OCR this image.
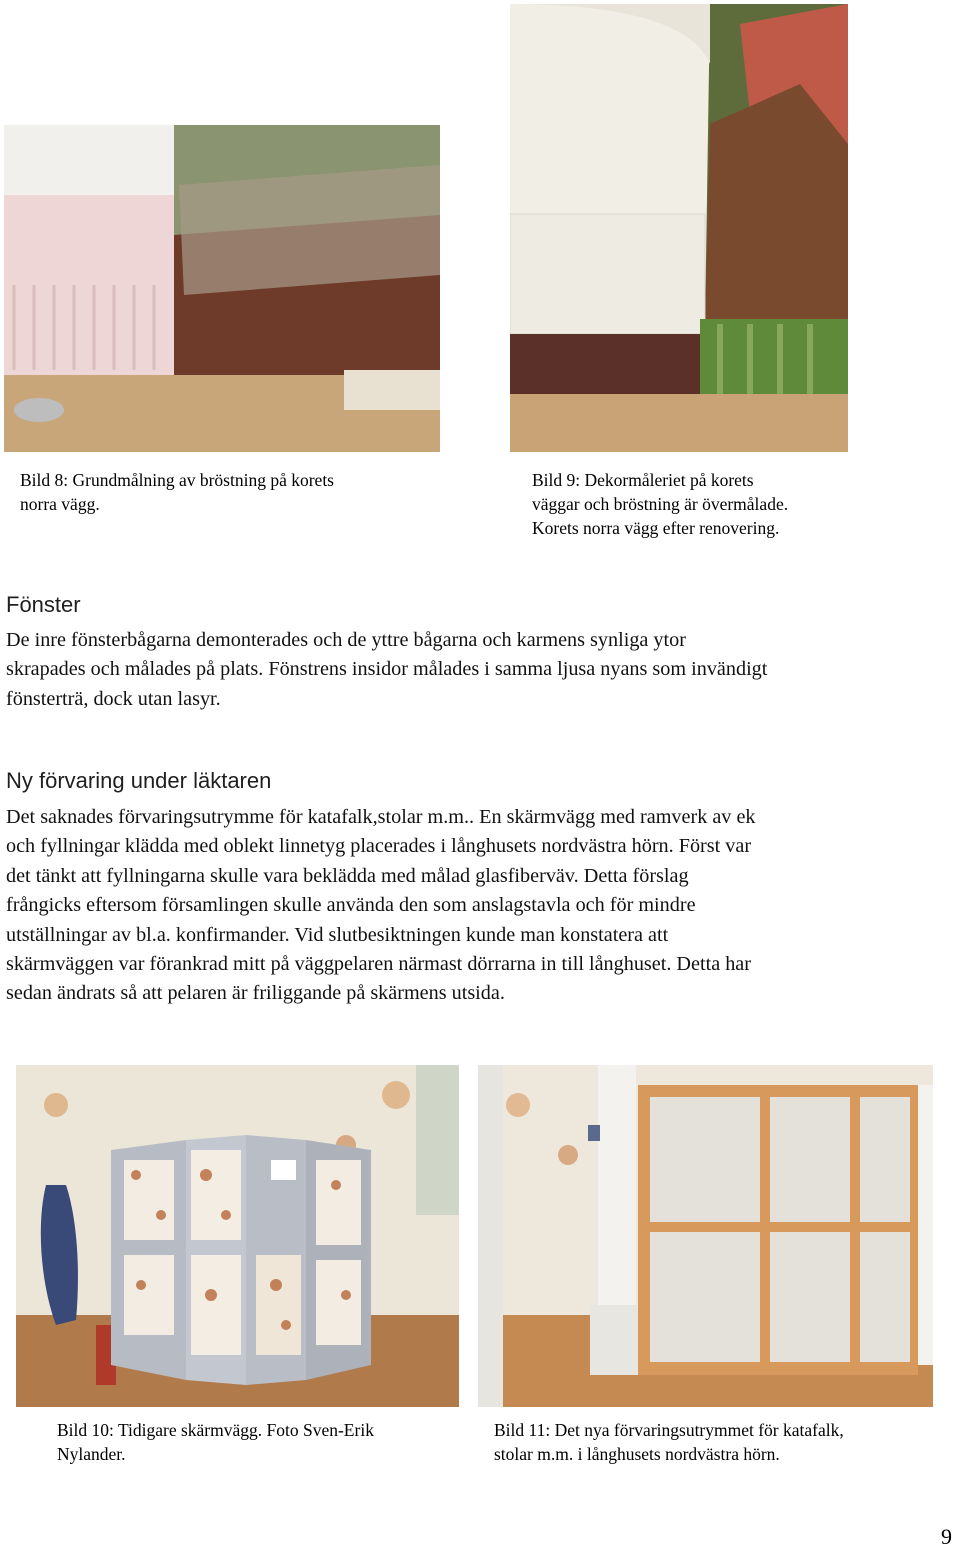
Bild 8: Grundmålning av bröstning på korets
norra vägg.
Bild 9: Dekormåleriet på korets
väggar och bröstning är övermålade.
Korets norra vägg efter renovering.
Fönster
De inre fönsterbågarna demonterades och de yttre bågarna och karmens synliga ytor
skrapades och målades på plats. Fönstrens insidor målades i samma ljusa nyans som invändigt
fönsterträ, dock utan lasyr.
Ny förvaring under läktaren
Det saknades förvaringsutrymme för katafalk,stolar m.m.. En skärmvägg med ramverk av ek
och fyllningar klädda med oblekt linnetyg placerades i långhusets nordvästra hörn. Först var
det tänkt att fyllningarna skulle vara beklädda med målad glasfiberväv. Detta förslag
frångicks eftersom församlingen skulle använda den som anslagstavla och för mindre
utställningar av bl.a. konfirmander. Vid slutbesiktningen kunde man konstatera att
skärmväggen var förankrad mitt på väggpelaren närmast dörrarna in till långhuset. Detta har
sedan ändrats så att pelaren är friliggande på skärmens utsida.
Bild 10: Tidigare skärmvägg. Foto Sven-Erik
Nylander.
Bild 11: Det nya förvaringsutrymmet för katafalk,
stolar m.m. i långhusets nordvästra hörn.
9
